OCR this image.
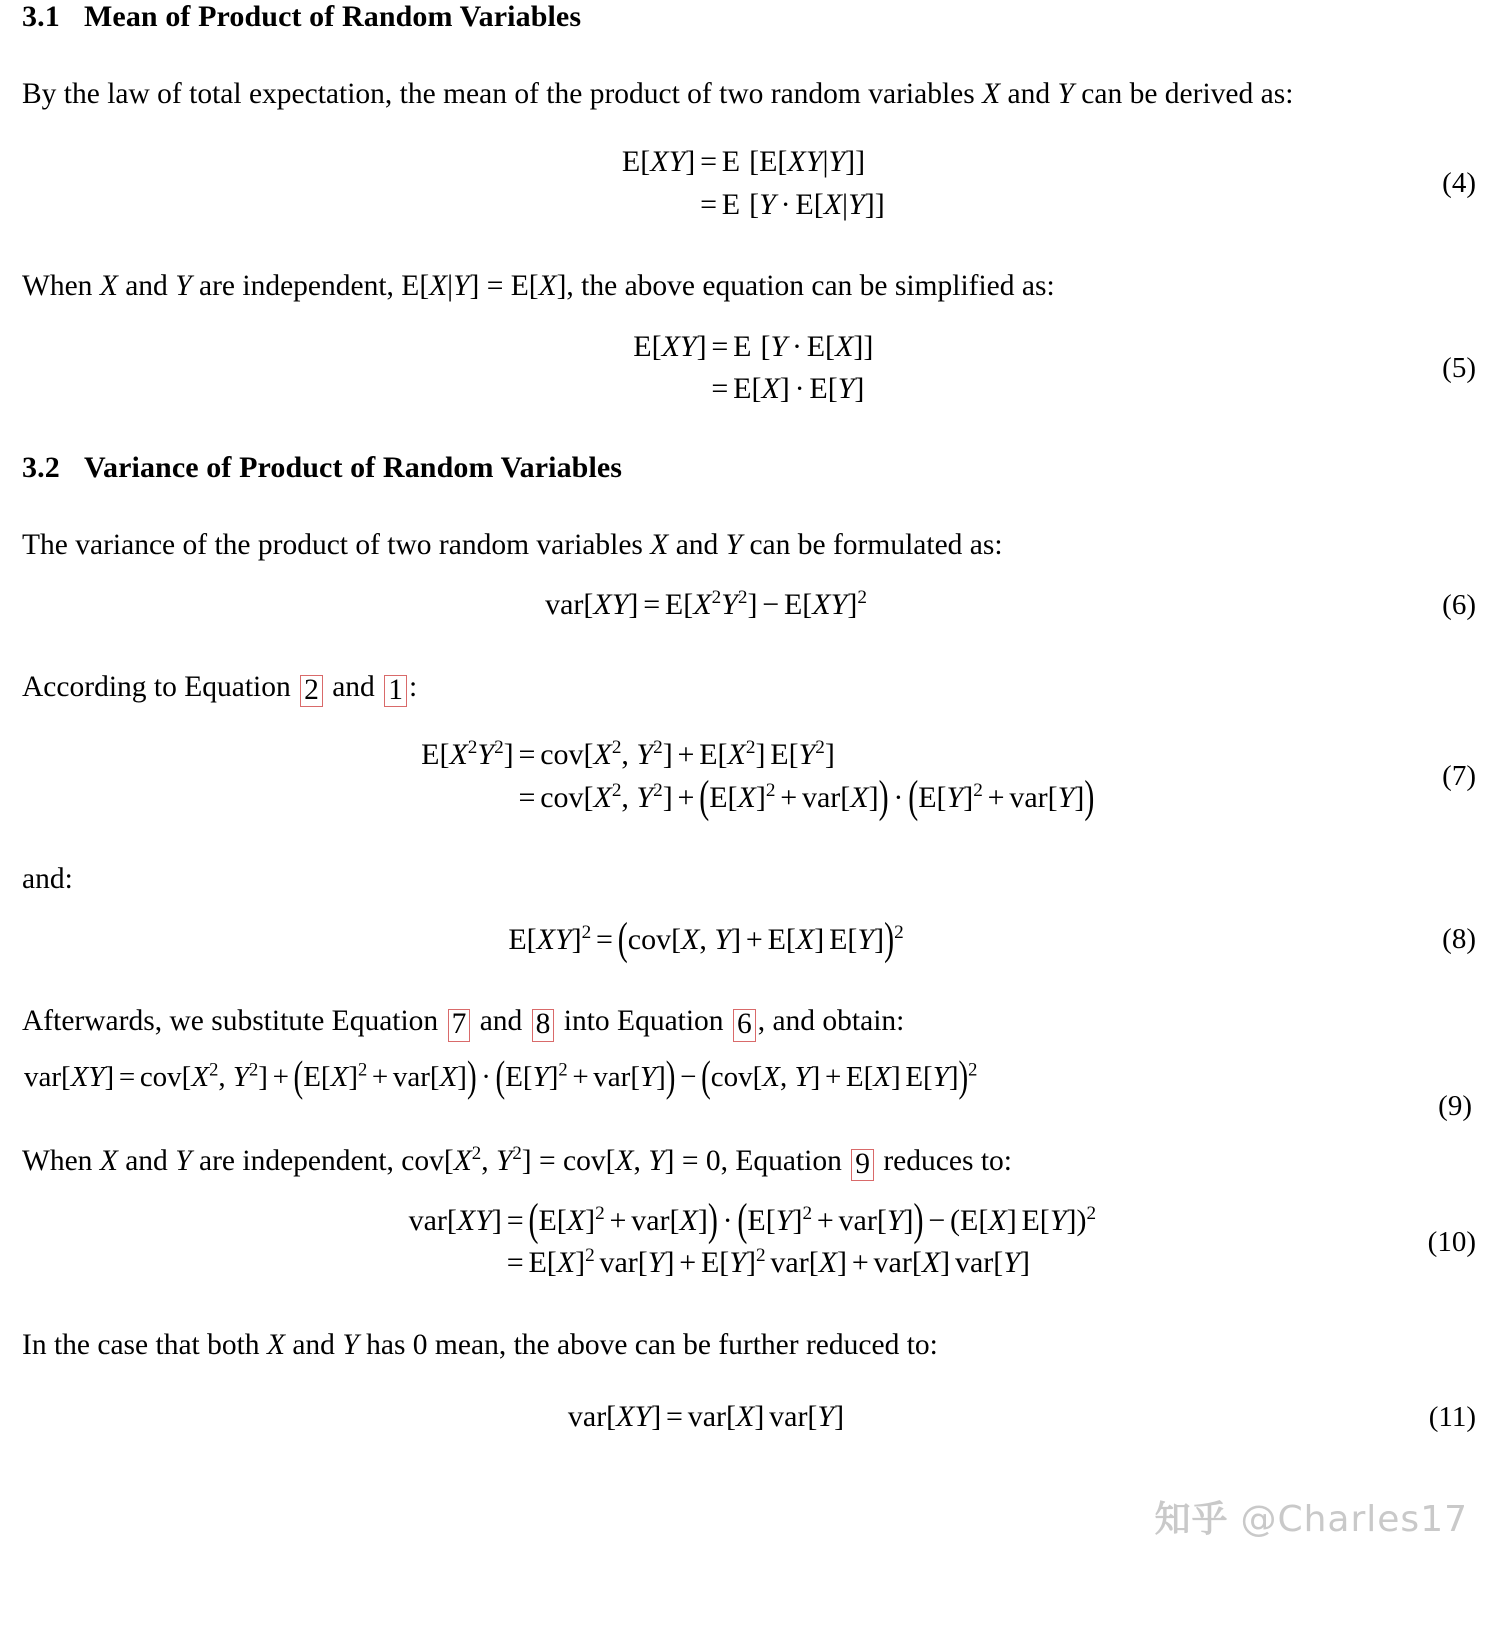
3.1 Mean of Product of Random Variables

By the law of total expectation, the mean of the product of two random variables X and Y can be derived as:

E[XY] = E [E[XY|Y]]
= E [Y · E[X|Y]]
(4)

When X and Y are independent, E[X|Y] = E[X], the above equation can be simplified as:

E[XY] = E [Y · E[X]]
= E[X] · E[Y]
(5)
3.2 Variance of Product of Random Variables

The variance of the product of two random variables X and Y can be formulated as:

$var[XY] = E[X^2Y^2] - E[XY]^2$	(6)

According to Equation 2 and 1 :

$E[X^2Y^2] = cov[X^2$, $Y^2] + E[X^2]$ $E[Y^2]$
= $cov[X^2$, $Y^2] + (E[X]^2 + var[X]) \cdot (E[Y]^2 + var[Y])$	(7)

and:

E[XY]$^2$ = (cov[X, Y] + E[X] E[Y])$^2$	(8)

Afterwards, we substitute Equation 7 and 8 into Equation 6 , and obtain:

$var[XY] = cov[X^2$, $Y^2] + (E[X]^2 + var[X]) \cdot (E[Y]^2 + var[Y]) - (cov[X$, Y] + E[X] E[Y])$^2$
(9)

When X and Y are independent, $cov[X^2$, $Y^2] = cov[X$, Y] = 0, Equation 9 reduces to:

$var[XY] = (E[X]^2 + var[X]) \cdot (E[Y]^2 + var[Y]) - (E[X]$ E[Y])$^2$
= $E[X]^2$ $var[Y] + E[Y]^2$ var[X] + var[X] var[Y]
(10)

In the case that both X and Y has 0 mean, the above can be further reduced to:

var[XY] = var[X] var[Y]	(11)
知乎 @Charles17
